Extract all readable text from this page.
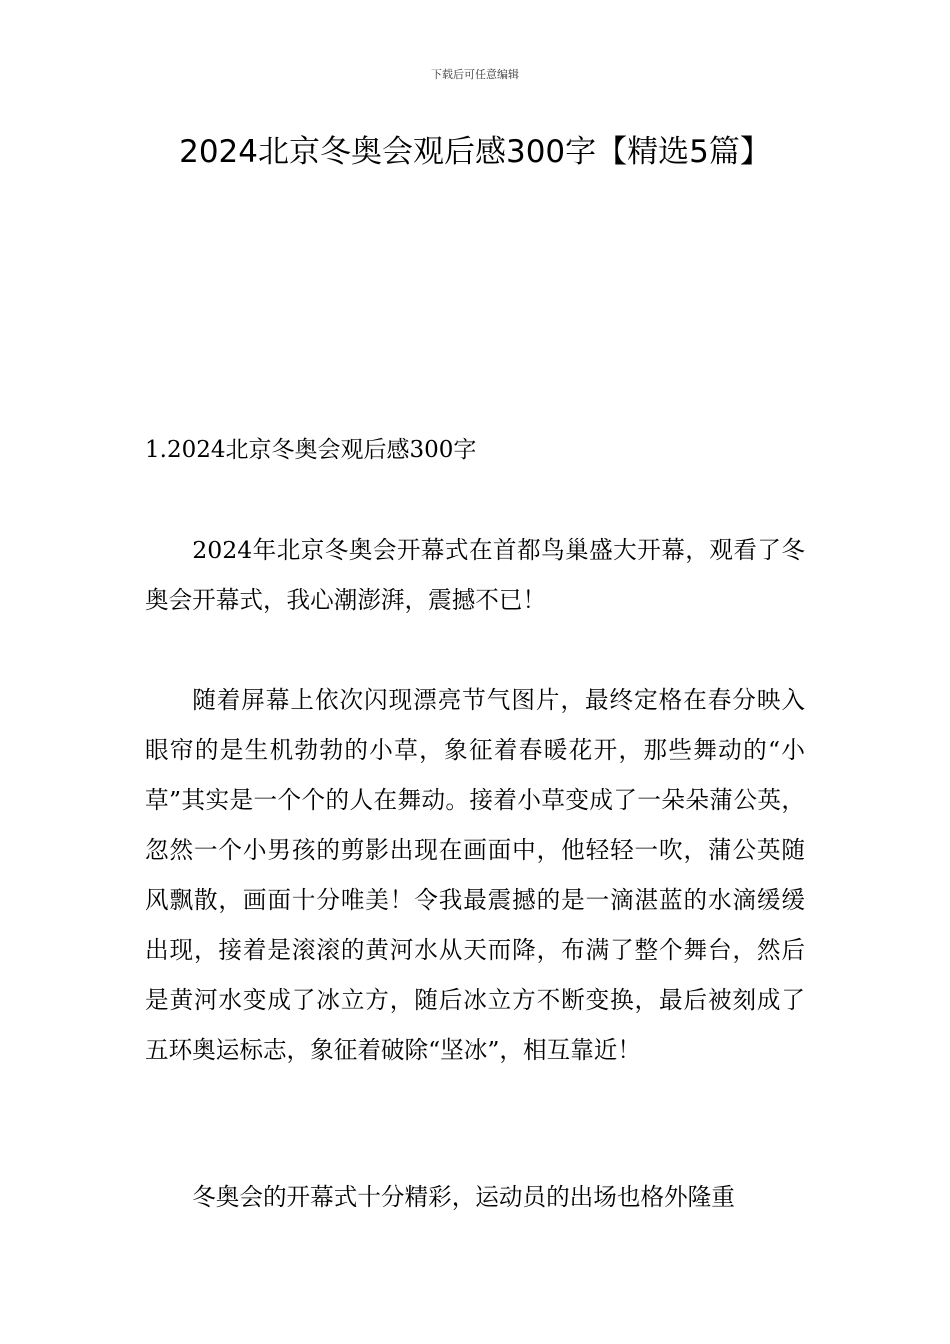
下载后可任意编辑
2024北京冬奥会观后感300字【精选5篇】
1.2024北京冬奥会观后感300字

2024年北京冬奥会开幕式在首都鸟巢盛大开幕，观看了冬奥会开幕式，我心潮澎湃，震撼不已！

随着屏幕上依次闪现漂亮节气图片，最终定格在春分映入眼帘的是生机勃勃的小草，象征着春暖花开，那些舞动的“小草”其实是一个个的人在舞动。接着小草变成了一朵朵蒲公英，忽然一个小男孩的剪影出现在画面中，他轻轻一吹，蒲公英随风飘散，画面十分唯美！令我最震撼的是一滴湛蓝的水滴缓缓出现，接着是滚滚的黄河水从天而降，布满了整个舞台，然后是黄河水变成了冰立方，随后冰立方不断变换，最后被刻成了五环奥运标志，象征着破除“坚冰”，相互靠近！

冬奥会的开幕式十分精彩，运动员的出场也格外隆重
